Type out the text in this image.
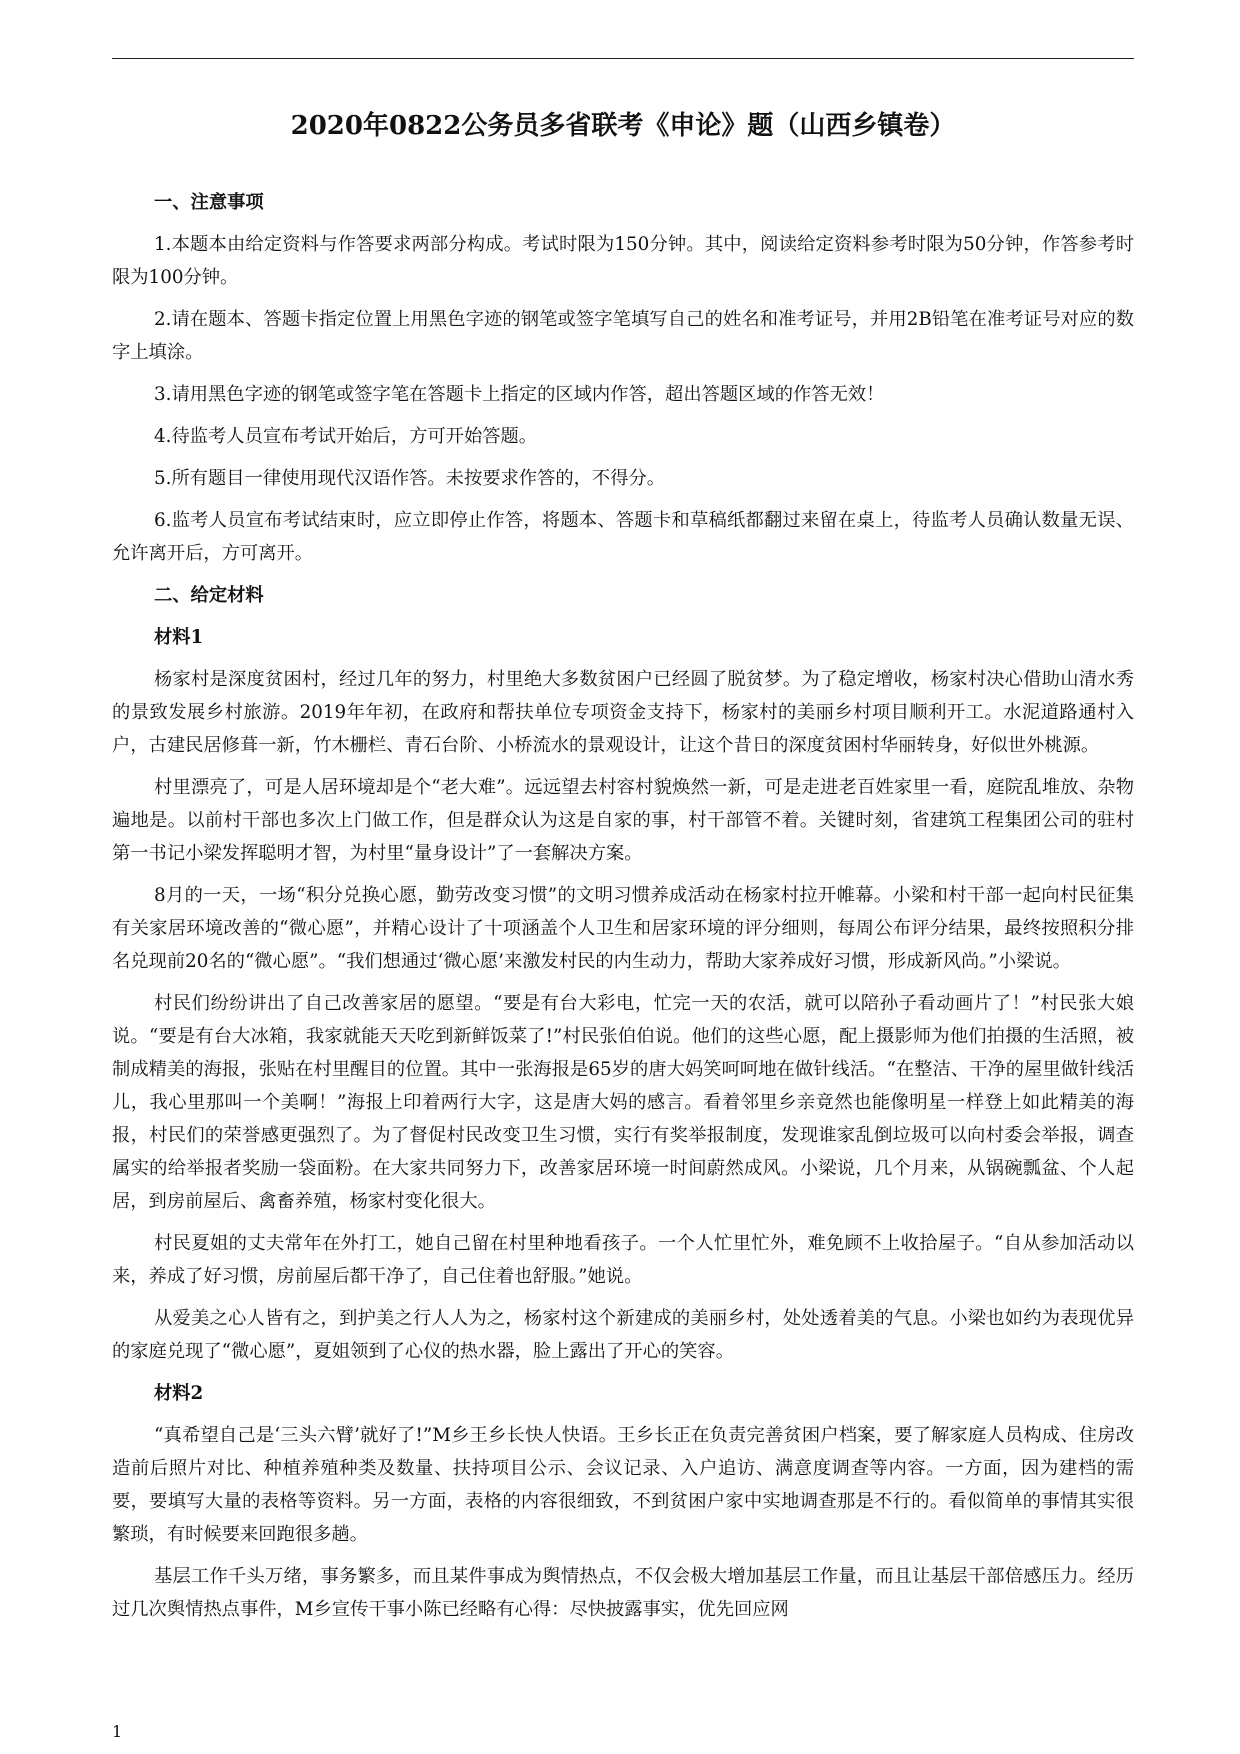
2020年0822公务员多省联考《申论》题（山西乡镇卷）
一、注意事项
1.本题本由给定资料与作答要求两部分构成。考试时限为150分钟。其中，阅读给定资料参考时限为50分钟，作答参考时限为100分钟。
2.请在题本、答题卡指定位置上用黑色字迹的钢笔或签字笔填写自己的姓名和准考证号，并用2B铅笔在准考证号对应的数字上填涂。
3.请用黑色字迹的钢笔或签字笔在答题卡上指定的区域内作答，超出答题区域的作答无效！
4.待监考人员宣布考试开始后，方可开始答题。
5.所有题目一律使用现代汉语作答。未按要求作答的，不得分。
6.监考人员宣布考试结束时，应立即停止作答，将题本、答题卡和草稿纸都翻过来留在桌上，待监考人员确认数量无误、允许离开后，方可离开。
二、给定材料
材料1
杨家村是深度贫困村，经过几年的努力，村里绝大多数贫困户已经圆了脱贫梦。为了稳定增收，杨家村决心借助山清水秀的景致发展乡村旅游。2019年年初，在政府和帮扶单位专项资金支持下，杨家村的美丽乡村项目顺利开工。水泥道路通村入户，古建民居修葺一新，竹木栅栏、青石台阶、小桥流水的景观设计，让这个昔日的深度贫困村华丽转身，好似世外桃源。
村里漂亮了，可是人居环境却是个“老大难”。远远望去村容村貌焕然一新，可是走进老百姓家里一看，庭院乱堆放、杂物遍地是。以前村干部也多次上门做工作，但是群众认为这是自家的事，村干部管不着。关键时刻，省建筑工程集团公司的驻村第一书记小梁发挥聪明才智，为村里“量身设计”了一套解决方案。
8月的一天，一场“积分兑换心愿，勤劳改变习惯”的文明习惯养成活动在杨家村拉开帷幕。小梁和村干部一起向村民征集有关家居环境改善的“微心愿”，并精心设计了十项涵盖个人卫生和居家环境的评分细则，每周公布评分结果，最终按照积分排名兑现前20名的“微心愿”。“我们想通过‘微心愿’来激发村民的内生动力，帮助大家养成好习惯，形成新风尚。”小梁说。
村民们纷纷讲出了自己改善家居的愿望。“要是有台大彩电，忙完一天的农活，就可以陪孙子看动画片了！”村民张大娘说。“要是有台大冰箱，我家就能天天吃到新鲜饭菜了!”村民张伯伯说。他们的这些心愿，配上摄影师为他们拍摄的生活照，被制成精美的海报，张贴在村里醒目的位置。其中一张海报是65岁的唐大妈笑呵呵地在做针线活。“在整洁、干净的屋里做针线活儿，我心里那叫一个美啊！”海报上印着两行大字，这是唐大妈的感言。看着邻里乡亲竟然也能像明星一样登上如此精美的海报，村民们的荣誉感更强烈了。为了督促村民改变卫生习惯，实行有奖举报制度，发现谁家乱倒垃圾可以向村委会举报，调查属实的给举报者奖励一袋面粉。在大家共同努力下，改善家居环境一时间蔚然成风。小梁说，几个月来，从锅碗瓢盆、个人起居，到房前屋后、禽畜养殖，杨家村变化很大。
村民夏姐的丈夫常年在外打工，她自己留在村里种地看孩子。一个人忙里忙外，难免顾不上收拾屋子。“自从参加活动以来，养成了好习惯，房前屋后都干净了，自己住着也舒服。”她说。
从爱美之心人皆有之，到护美之行人人为之，杨家村这个新建成的美丽乡村，处处透着美的气息。小梁也如约为表现优异的家庭兑现了“微心愿”，夏姐领到了心仪的热水器，脸上露出了开心的笑容。
材料2
“真希望自己是‘三头六臂’就好了!”M乡王乡长快人快语。王乡长正在负责完善贫困户档案，要了解家庭人员构成、住房改造前后照片对比、种植养殖种类及数量、扶持项目公示、会议记录、入户追访、满意度调查等内容。一方面，因为建档的需要，要填写大量的表格等资料。另一方面，表格的内容很细致，不到贫困户家中实地调查那是不行的。看似简单的事情其实很繁琐，有时候要来回跑很多趟。
基层工作千头万绪，事务繁多，而且某件事成为舆情热点，不仅会极大增加基层工作量，而且让基层干部倍感压力。经历过几次舆情热点事件，M乡宣传干事小陈已经略有心得：尽快披露事实，优先回应网
1
